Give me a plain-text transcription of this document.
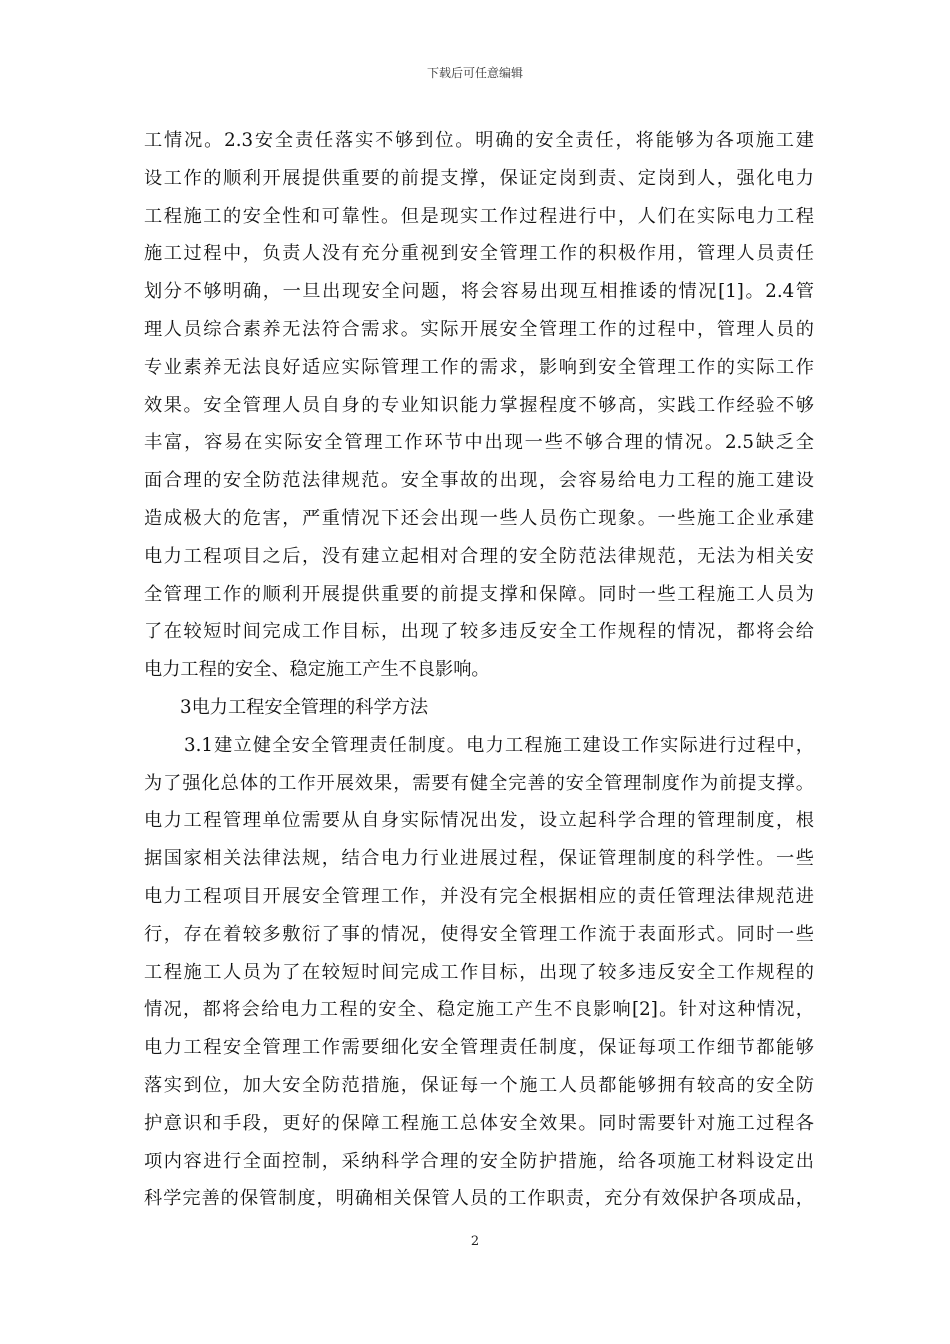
下载后可任意编辑
工情况。2.3安全责任落实不够到位。明确的安全责任，将能够为各项施工建
设工作的顺利开展提供重要的前提支撑，保证定岗到责、定岗到人，强化电力
工程施工的安全性和可靠性。但是现实工作过程进行中，人们在实际电力工程
施工过程中，负责人没有充分重视到安全管理工作的积极作用，管理人员责任
划分不够明确，一旦出现安全问题，将会容易出现互相推诿的情况[1]。2.4管
理人员综合素养无法符合需求。实际开展安全管理工作的过程中，管理人员的
专业素养无法良好适应实际管理工作的需求，影响到安全管理工作的实际工作
效果。安全管理人员自身的专业知识能力掌握程度不够高，实践工作经验不够
丰富，容易在实际安全管理工作环节中出现一些不够合理的情况。2.5缺乏全
面合理的安全防范法律规范。安全事故的出现，会容易给电力工程的施工建设
造成极大的危害，严重情况下还会出现一些人员伤亡现象。一些施工企业承建
电力工程项目之后，没有建立起相对合理的安全防范法律规范，无法为相关安
全管理工作的顺利开展提供重要的前提支撑和保障。同时一些工程施工人员为
了在较短时间完成工作目标，出现了较多违反安全工作规程的情况，都将会给
电力工程的安全、稳定施工产生不良影响。
3电力工程安全管理的科学方法
3.1建立健全安全管理责任制度。电力工程施工建设工作实际进行过程中，
为了强化总体的工作开展效果，需要有健全完善的安全管理制度作为前提支撑。
电力工程管理单位需要从自身实际情况出发，设立起科学合理的管理制度，根
据国家相关法律法规，结合电力行业进展过程，保证管理制度的科学性。一些
电力工程项目开展安全管理工作，并没有完全根据相应的责任管理法律规范进
行，存在着较多敷衍了事的情况，使得安全管理工作流于表面形式。同时一些
工程施工人员为了在较短时间完成工作目标，出现了较多违反安全工作规程的
情况，都将会给电力工程的安全、稳定施工产生不良影响[2]。针对这种情况，
电力工程安全管理工作需要细化安全管理责任制度，保证每项工作细节都能够
落实到位，加大安全防范措施，保证每一个施工人员都能够拥有较高的安全防
护意识和手段，更好的保障工程施工总体安全效果。同时需要针对施工过程各
项内容进行全面控制，采纳科学合理的安全防护措施，给各项施工材料设定出
科学完善的保管制度，明确相关保管人员的工作职责，充分有效保护各项成品，
2
